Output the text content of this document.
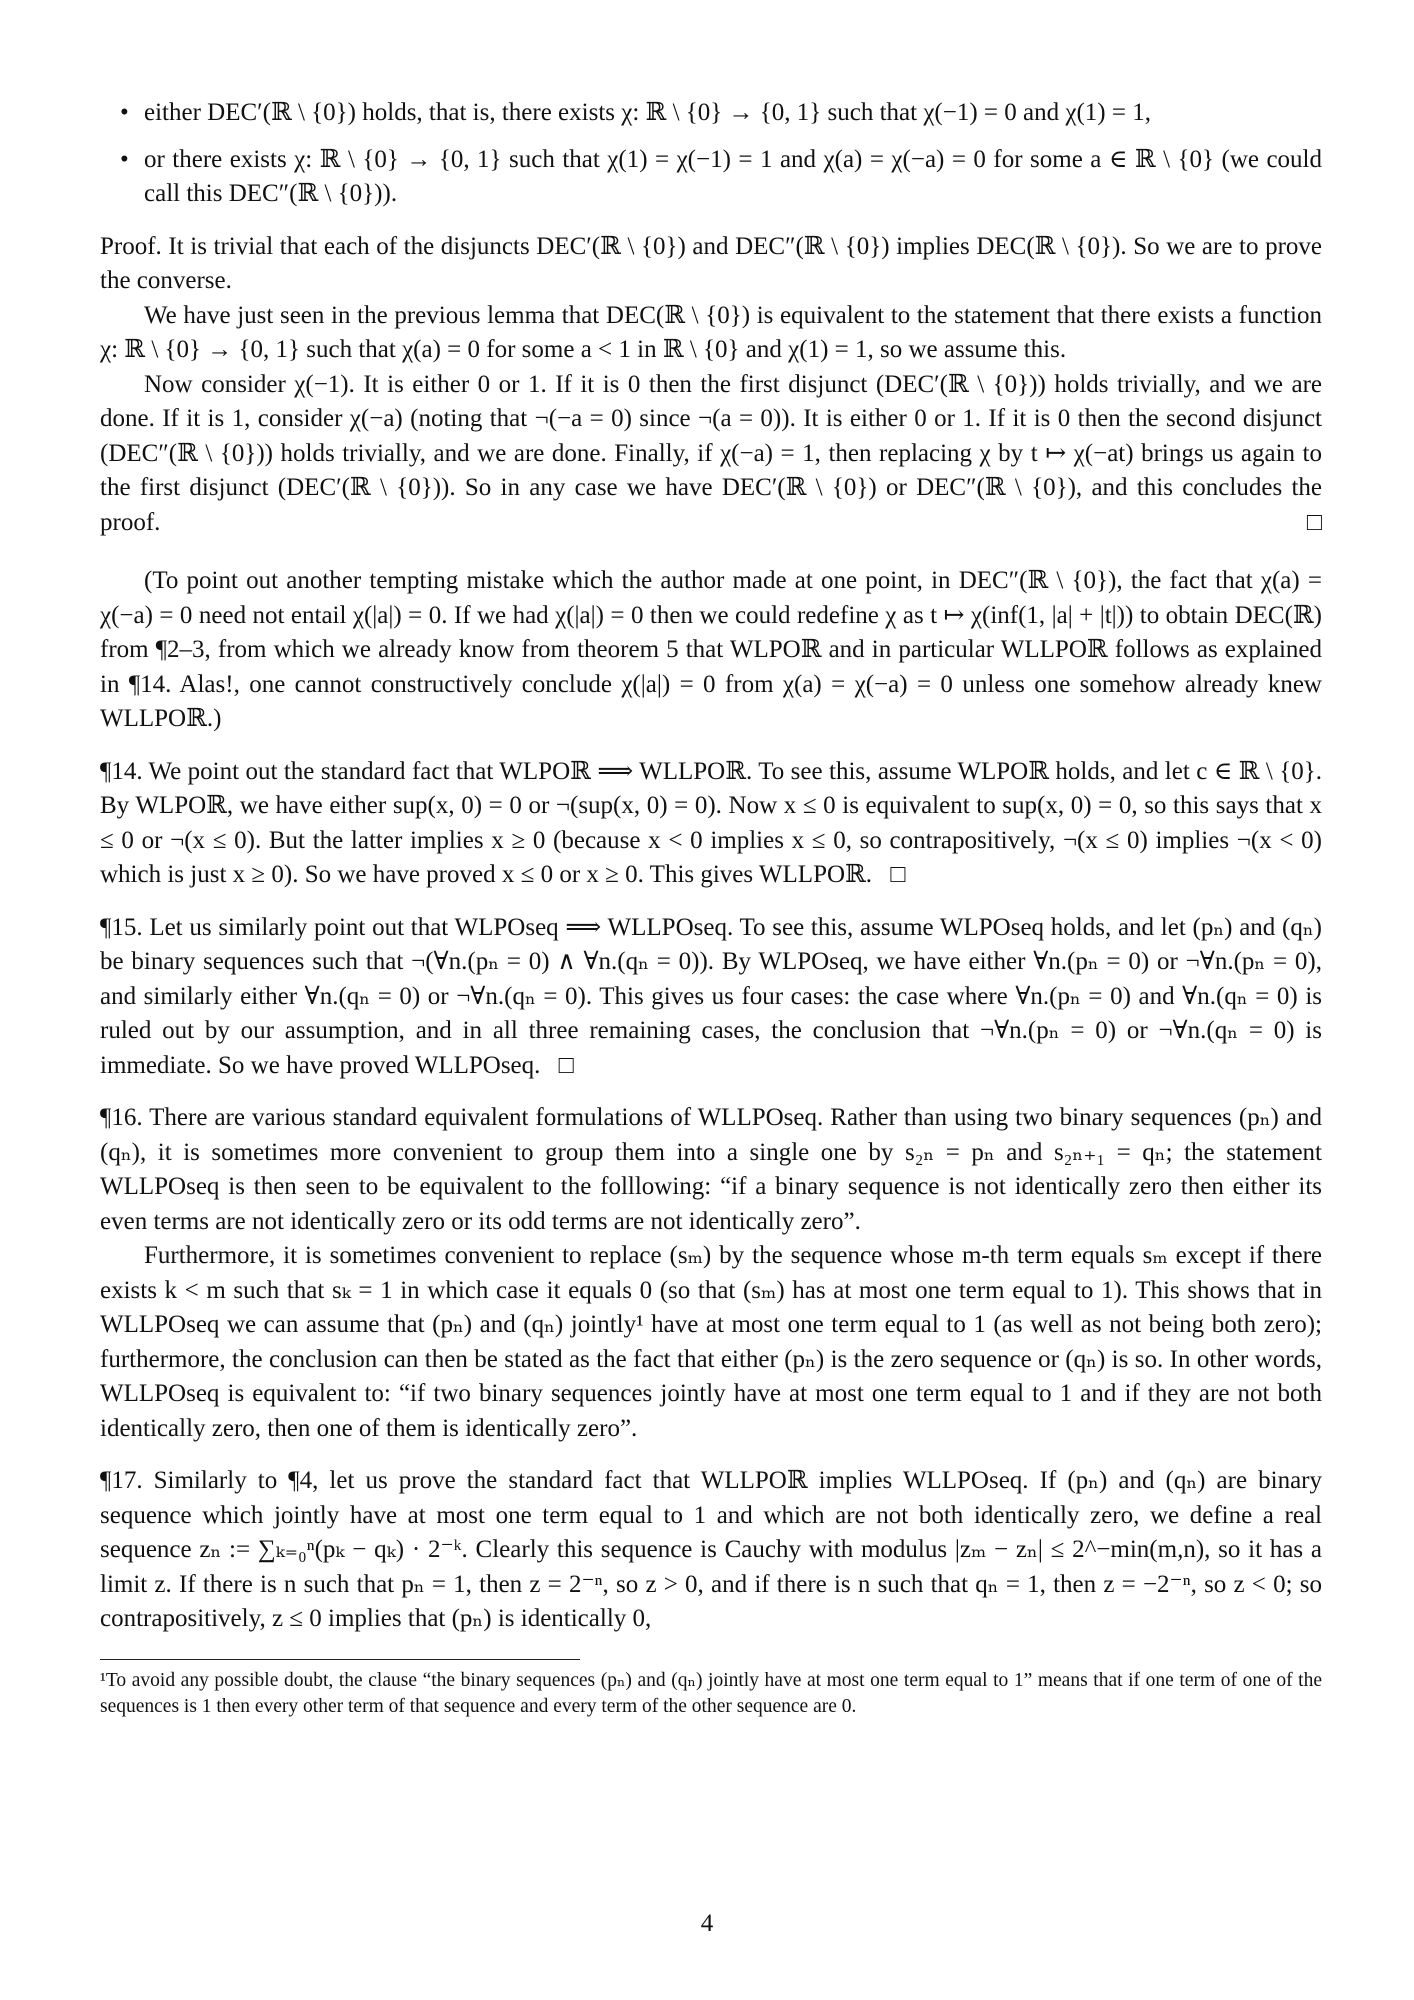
• either DEC′(ℝ \ {0}) holds, that is, there exists χ: ℝ \ {0} → {0, 1} such that χ(−1) = 0 and χ(1) = 1,
• or there exists χ: ℝ \ {0} → {0, 1} such that χ(1) = χ(−1) = 1 and χ(a) = χ(−a) = 0 for some a ∈ ℝ \ {0} (we could call this DEC″(ℝ \ {0})).

Proof. It is trivial that each of the disjuncts DEC′(ℝ \ {0}) and DEC″(ℝ \ {0}) implies DEC(ℝ \ {0}). So we are to prove the converse.

We have just seen in the previous lemma that DEC(ℝ \ {0}) is equivalent to the statement that there exists a function χ: ℝ \ {0} → {0, 1} such that χ(a) = 0 for some a < 1 in ℝ \ {0} and χ(1) = 1, so we assume this.

Now consider χ(−1). It is either 0 or 1. If it is 0 then the first disjunct (DEC′(ℝ \ {0})) holds trivially, and we are done. If it is 1, consider χ(−a) (noting that ¬(−a = 0) since ¬(a = 0)). It is either 0 or 1. If it is 0 then the second disjunct (DEC″(ℝ \ {0})) holds trivially, and we are done. Finally, if χ(−a) = 1, then replacing χ by t ↦ χ(−at) brings us again to the first disjunct (DEC′(ℝ \ {0})). So in any case we have DEC′(ℝ \ {0}) or DEC″(ℝ \ {0}), and this concludes the proof.	□

(To point out another tempting mistake which the author made at one point, in DEC″(ℝ \ {0}), the fact that χ(a) = χ(−a) = 0 need not entail χ(|a|) = 0. If we had χ(|a|) = 0 then we could redefine χ as t ↦ χ(inf(1, |a| + |t|)) to obtain DEC(ℝ) from ¶2–3, from which we already know from theorem 5 that WLPOℝ and in particular WLLPOℝ follows as explained in ¶14. Alas!, one cannot constructively conclude χ(|a|) = 0 from χ(a) = χ(−a) = 0 unless one somehow already knew WLLPOℝ.)

¶14. We point out the standard fact that WLPOℝ ⟹ WLLPOℝ. To see this, assume WLPOℝ holds, and let c ∈ ℝ \ {0}. By WLPOℝ, we have either sup(x, 0) = 0 or ¬(sup(x, 0) = 0). Now x ≤ 0 is equivalent to sup(x, 0) = 0, so this says that x ≤ 0 or ¬(x ≤ 0). But the latter implies x ≥ 0 (because x < 0 implies x ≤ 0, so contrapositively, ¬(x ≤ 0) implies ¬(x < 0) which is just x ≥ 0). So we have proved x ≤ 0 or x ≥ 0. This gives WLLPOℝ. □

¶15. Let us similarly point out that WLPOseq ⟹ WLLPOseq. To see this, assume WLPOseq holds, and let (pₙ) and (qₙ) be binary sequences such that ¬(∀n.(pₙ = 0) ∧ ∀n.(qₙ = 0)). By WLPOseq, we have either ∀n.(pₙ = 0) or ¬∀n.(pₙ = 0), and similarly either ∀n.(qₙ = 0) or ¬∀n.(qₙ = 0). This gives us four cases: the case where ∀n.(pₙ = 0) and ∀n.(qₙ = 0) is ruled out by our assumption, and in all three remaining cases, the conclusion that ¬∀n.(pₙ = 0) or ¬∀n.(qₙ = 0) is immediate. So we have proved WLLPOseq. □

¶16. There are various standard equivalent formulations of WLLPOseq. Rather than using two binary sequences (pₙ) and (qₙ), it is sometimes more convenient to group them into a single one by s₂ₙ = pₙ and s₂ₙ₊₁ = qₙ; the statement WLLPOseq is then seen to be equivalent to the folllowing: “if a binary sequence is not identically zero then either its even terms are not identically zero or its odd terms are not identically zero”.

Furthermore, it is sometimes convenient to replace (sₘ) by the sequence whose m-th term equals sₘ except if there exists k < m such that sₖ = 1 in which case it equals 0 (so that (sₘ) has at most one term equal to 1). This shows that in WLLPOseq we can assume that (pₙ) and (qₙ) jointly¹ have at most one term equal to 1 (as well as not being both zero); furthermore, the conclusion can then be stated as the fact that either (pₙ) is the zero sequence or (qₙ) is so. In other words, WLLPOseq is equivalent to: “if two binary sequences jointly have at most one term equal to 1 and if they are not both identically zero, then one of them is identically zero”.

¶17. Similarly to ¶4, let us prove the standard fact that WLLPOℝ implies WLLPOseq. If (pₙ) and (qₙ) are binary sequence which jointly have at most one term equal to 1 and which are not both identically zero, we define a real sequence zₙ := ∑ₖ₌₀ⁿ(pₖ − qₖ) · 2⁻ᵏ. Clearly this sequence is Cauchy with modulus |zₘ − zₙ| ≤ 2^−min(m,n), so it has a limit z. If there is n such that pₙ = 1, then z = 2⁻ⁿ, so z > 0, and if there is n such that qₙ = 1, then z = −2⁻ⁿ, so z < 0; so contrapositively, z ≤ 0 implies that (pₙ) is identically 0,

¹To avoid any possible doubt, the clause “the binary sequences (pₙ) and (qₙ) jointly have at most one term equal to 1” means that if one term of one of the sequences is 1 then every other term of that sequence and every term of the other sequence are 0.

4
